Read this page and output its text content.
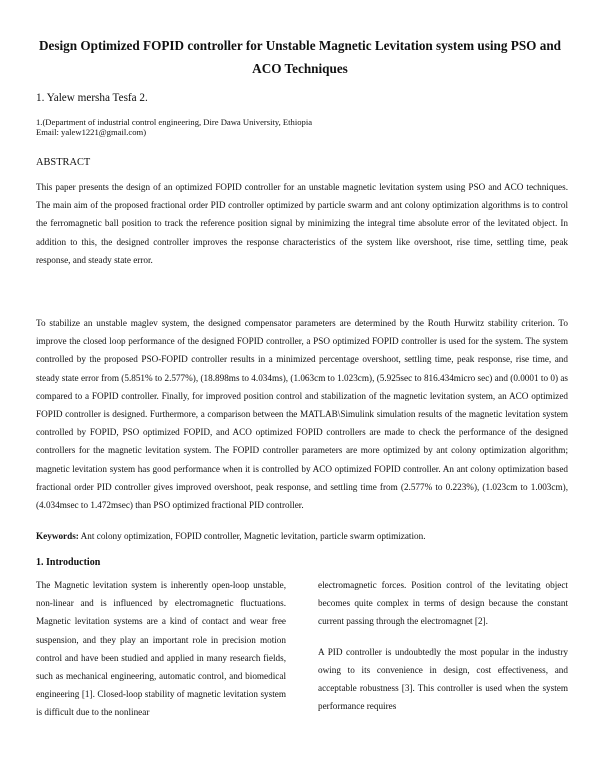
Design Optimized FOPID controller for Unstable Magnetic Levitation system using PSO and ACO Techniques
1. Yalew mersha Tesfa 2.
1.(Department of industrial control engineering, Dire Dawa University, Ethiopia
Email: yalew1221@gmail.com)
ABSTRACT
This paper presents the design of an optimized FOPID controller for an unstable magnetic levitation system using PSO and ACO techniques. The main aim of the proposed fractional order PID controller optimized by particle swarm and ant colony optimization algorithms is to control the ferromagnetic ball position to track the reference position signal by minimizing the integral time absolute error of the levitated object. In addition to this, the designed controller improves the response characteristics of the system like overshoot, rise time, settling time, peak response, and steady state error.
To stabilize an unstable maglev system, the designed compensator parameters are determined by the Routh Hurwitz stability criterion. To improve the closed loop performance of the designed FOPID controller, a PSO optimized FOPID controller is used for the system. The system controlled by the proposed PSO-FOPID controller results in a minimized percentage overshoot, settling time, peak response, rise time, and steady state error from (5.851% to 2.577%), (18.898ms to 4.034ms), (1.063cm to 1.023cm), (5.925sec to 816.434micro sec) and (0.0001 to 0) as compared to a FOPID controller. Finally, for improved position control and stabilization of the magnetic levitation system, an ACO optimized FOPID controller is designed. Furthermore, a comparison between the MATLAB\Simulink simulation results of the magnetic levitation system controlled by FOPID, PSO optimized FOPID, and ACO optimized FOPID controllers are made to check the performance of the designed controllers for the magnetic levitation system. The FOPID controller parameters are more optimized by ant colony optimization algorithm; magnetic levitation system has good performance when it is controlled by ACO optimized FOPID controller. An ant colony optimization based fractional order PID controller gives improved overshoot, peak response, and settling time from (2.577% to 0.223%), (1.023cm to 1.003cm), (4.034msec to 1.472msec) than PSO optimized fractional PID controller.
Keywords: Ant colony optimization, FOPID controller, Magnetic levitation, particle swarm optimization.
1. Introduction
The Magnetic levitation system is inherently open-loop unstable, non-linear and is influenced by electromagnetic fluctuations. Magnetic levitation systems are a kind of contact and wear free suspension, and they play an important role in precision motion control and have been studied and applied in many research fields, such as mechanical engineering, automatic control, and biomedical engineering [1]. Closed-loop stability of magnetic levitation system is difficult due to the nonlinear
electromagnetic forces. Position control of the levitating object becomes quite complex in terms of design because the constant current passing through the electromagnet [2].
A PID controller is undoubtedly the most popular in the industry owing to its convenience in design, cost effectiveness, and acceptable robustness [3]. This controller is used when the system performance requires
